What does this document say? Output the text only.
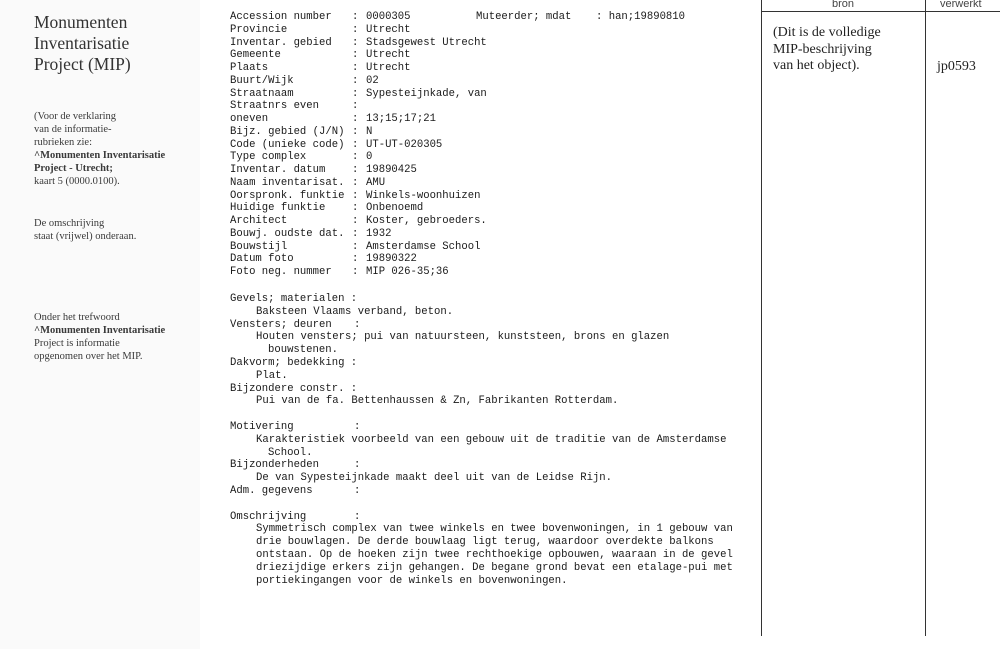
Monumenten
Inventarisatie
Project (MIP)
(Voor de verklaring
van de informatie-
rubrieken zie:
^Monumenten Inventarisatie
Project - Utrecht;
kaart 5 (0000.0100).
De omschrijving
staat (vrijwel) onderaan.
Onder het trefwoord
^Monumenten Inventarisatie
Project is informatie
opgenomen over het MIP.
Accession number : 0000305	Muteerder; mdat : han;19890810
Provincie	: Utrecht
Inventar. gebied : Stadsgewest Utrecht
Gemeente	: Utrecht
Plaats	: Utrecht
Buurt/Wijk	: 02
Straatnaam	: Sypesteijnkade, van
Straatnrs even	:
oneven	: 13;15;17;21
Bijz. gebied (J/N) : N
Code (unieke code) : UT-UT-020305
Type complex	: 0
Inventar. datum	: 19890425
Naam inventarisat. : AMU
Oorspronk. funktie : Winkels-woonhuizen
Huidige funktie	: Onbenoemd
Architect	: Koster, gebroeders.
Bouwj. oudste dat. : 1932
Bouwstijl	: Amsterdamse School
Datum foto	: 19890322
Foto neg. nummer : MIP 026-35;36
Gevels; materialen :
Baksteen Vlaams verband, beton.
Vensters; deuren :
Houten vensters; pui van natuursteen, kunststeen, brons en glazen
bouwstenen.
Dakvorm; bedekking :
Plat.
Bijzondere constr. :
Pui van de fa. Bettenhaussen & Zn, Fabrikanten Rotterdam.
Motivering	:
Karakteristiek voorbeeld van een gebouw uit de traditie van de Amsterdamse
School.
Bijzonderheden	:
De van Sypesteijnkade maakt deel uit van de Leidse Rijn.
Adm. gegevens	:
Omschrijving	:
Symmetrisch complex van twee winkels en twee bovenwoningen, in 1 gebouw van
drie bouwlagen. De derde bouwlaag ligt terug, waardoor overdekte balkons
ontstaan. Op de hoeken zijn twee rechthoekige opbouwen, waaraan in de gevel
driezijdige erkers zijn gehangen. De begane grond bevat een etalage-pui met
portiekingangen voor de winkels en bovenwoningen.
bron	verwerkt
(Dit is de volledige
MIP-beschrijving
van het object).	jp0593
